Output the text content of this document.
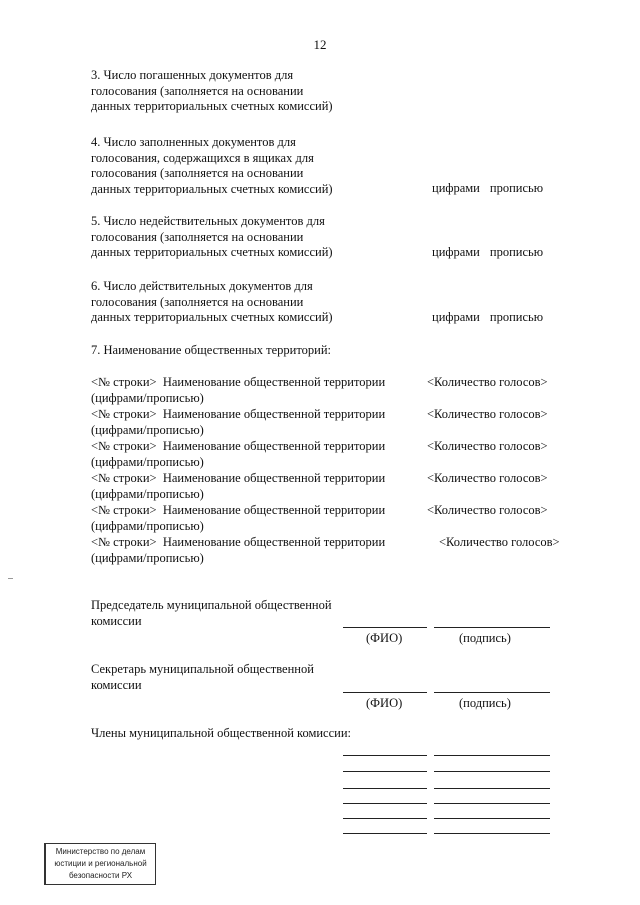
12
3. Число погашенных документов для
голосования (заполняется на основании
данных территориальных счетных комиссий)
4. Число заполненных документов для
голосования, содержащихся в ящиках для
голосования (заполняется на основании
данных территориальных счетных комиссий)	цифрами прописью
5. Число недействительных документов для
голосования (заполняется на основании
данных территориальных счетных комиссий)	цифрами прописью
6. Число действительных документов для
голосования (заполняется на основании
данных территориальных счетных комиссий)	цифрами прописью
7. Наименование общественных территорий:
<№ строки> Наименование общественной территории	<Количество голосов>
(цифрами/прописью)
<№ строки> Наименование общественной территории	<Количество голосов>
(цифрами/прописью)
<№ строки> Наименование общественной территории	<Количество голосов>
(цифрами/прописью)
<№ строки> Наименование общественной территории	<Количество голосов>
(цифрами/прописью)
<№ строки> Наименование общественной территории	<Количество голосов>
(цифрами/прописью)
<№ строки> Наименование общественной территории	<Количество голосов>
(цифрами/прописью)
Председатель муниципальной общественной
комиссии
(ФИО)	(подпись)
Секретарь муниципальной общественной
комиссии
(ФИО)	(подпись)
Члены муниципальной общественной комиссии:
Министерство по делам
юстиции и региональной
безопасности РХ
